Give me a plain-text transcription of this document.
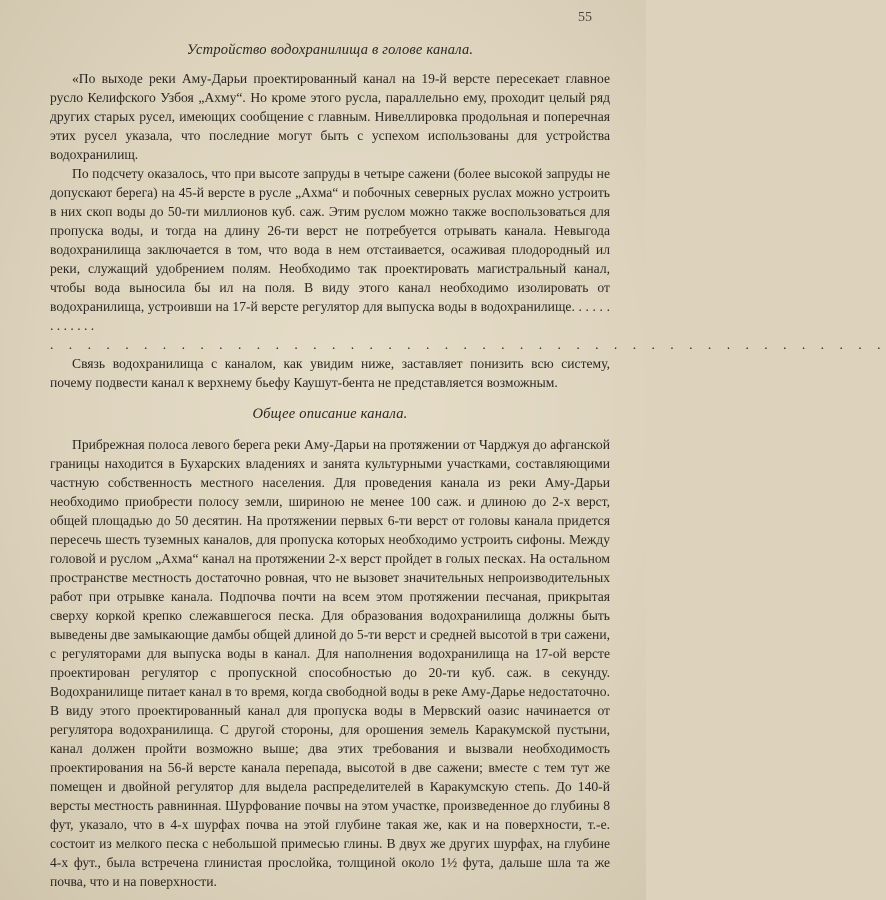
55
Устройство водохранилища в голове канала.

«По выходе реки Аму-Дарьи проектированный канал на 19-й версте пересекает главное русло Келифского Узбоя „Ахму“. Но кроме этого русла, параллельно ему, проходит целый ряд других старых русел, имеющих сообщение с главным. Нивеллировка продольная и поперечная этих русел указала, что последние могут быть с успехом использованы для устройства водохранилищ.

По подсчету оказалось, что при высоте запруды в четыре сажени (более высокой запруды не допускают берега) на 45-й версте в русле „Ахма“ и побочных северных руслах можно устроить в них скоп воды до 50-ти миллионов куб. саж. Этим руслом можно также воспользоваться для пропуска воды, и тогда на длину 26-ти верст не потребуется отрывать канала. Невыгода водохранилища заключается в том, что вода в нем отстаивается, осаживая плодородный ил реки, служащий удобрением полям. Необходимо так проектировать магистральный канал, чтобы вода выносила бы ил на поля. В виду этого канал необходимо изолировать от водохранилища, устроивши на 17-й версте регулятор для выпуска воды в водохранилище. . . . . . . . . . . . .

. . . . . . . . . . . . . . . . . . . . . . . . . . . . . . . . . . . . . . . . . . . . .

Связь водохранилища с каналом, как увидим ниже, заставляет понизить всю систему, почему подвести канал к верхнему бьефу Каушут-бента не представляется возможным.

Общее описание канала.

Прибрежная полоса левого берега реки Аму-Дарьи на протяжении от Чарджуя до афганской границы находится в Бухарских владениях и занята культурными участками, составляющими частную собственность местного населения. Для проведения канала из реки Аму-Дарьи необходимо приобрести полосу земли, шириною не менее 100 саж. и длиною до 2-х верст, общей площадью до 50 десятин. На протяжении первых 6-ти верст от головы канала придется пересечь шесть туземных каналов, для пропуска которых необходимо устроить сифоны. Между головой и руслом „Ахма“ канал на протяжении 2-х верст пройдет в голых песках. На остальном пространстве местность достаточно ровная, что не вызовет значительных непроизводительных работ при отрывке канала. Подпочва почти на всем этом протяжении песчаная, прикрытая сверху коркой крепко слежавшегося песка. Для образования водохранилища должны быть выведены две замыкающие дамбы общей длиной до 5-ти верст и средней высотой в три сажени, с регуляторами для выпуска воды в канал. Для наполнения водохранилища на 17-ой версте проектирован регулятор с пропускной способностью до 20-ти куб. саж. в секунду. Водохранилище питает канал в то время, когда свободной воды в реке Аму-Дарье недостаточно. В виду этого проектированный канал для пропуска воды в Мервский оазис начинается от регулятора водохранилища. С другой стороны, для орошения земель Каракумской пустыни, канал должен пройти возможно выше; два этих требования и вызвали необходимость проектирования на 56-й версте канала перепада, высотой в две сажени; вместе с тем тут же помещен и двойной регулятор для выдела распределителей в Каракумскую степь. До 140-й версты местность равнинная. Шурфование почвы на этом участке, произведенное до глубины 8 фут, указало, что в 4-х шурфах почва на этой глубине такая же, как и на поверхности, т.-е. состоит из мелкого песка с небольшой примесью глины. В двух же других шурфах, на глубине 4-х фут., была встречена глинистая прослойка, толщиной около 1½ фута, дальше шла та же почва, что и на поверхности.
